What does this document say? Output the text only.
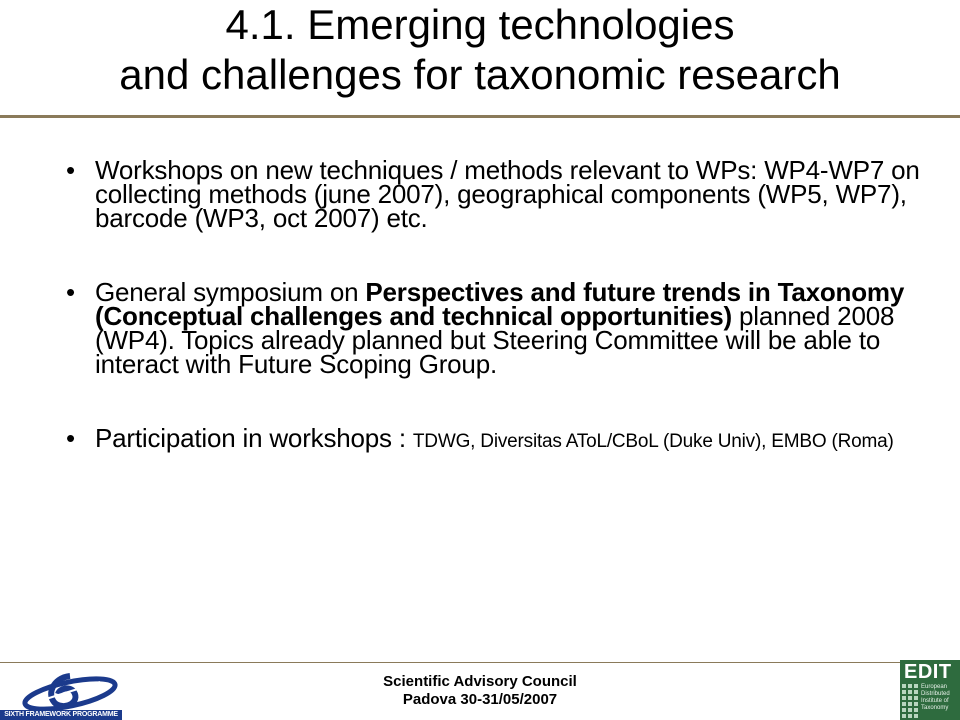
4.1. Emerging technologies
and challenges for taxonomic research
• Workshops on new techniques / methods relevant to WPs: WP4-WP7 on collecting methods (june 2007), geographical components (WP5, WP7), barcode (WP3, oct 2007) etc.
• General symposium on Perspectives and future trends in Taxonomy (Conceptual challenges and technical opportunities) planned 2008 (WP4). Topics already planned but Steering Committee will be able to interact with Future Scoping Group.
• Participation in workshops : TDWG, Diversitas AToL/CBoL (Duke Univ), EMBO (Roma)
SIXTH FRAMEWORK PROGRAMME
Scientific Advisory Council
Padova 30-31/05/2007
EDIT
European Distributed Institute of Taxonomy
